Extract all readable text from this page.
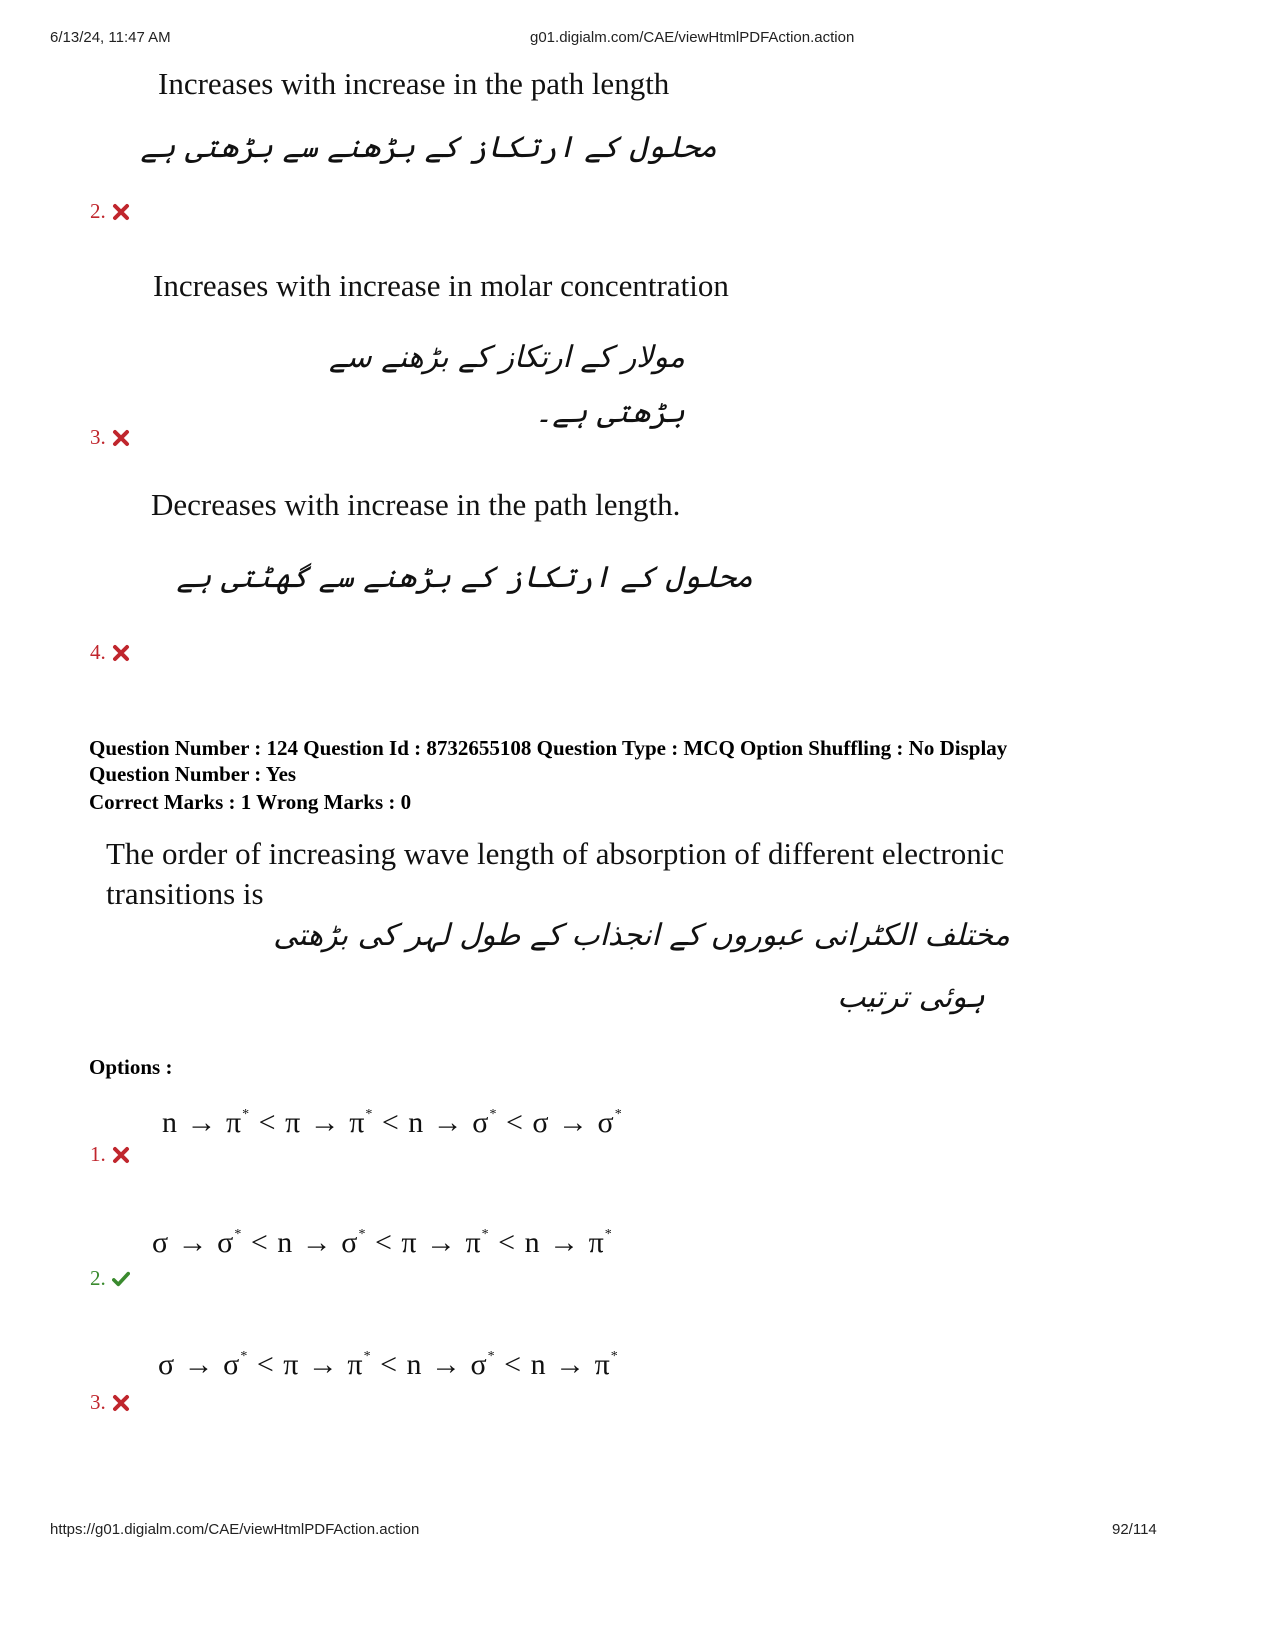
6/13/24, 11:47 AM	g01.digialm.com/CAE/viewHtmlPDFAction.action
Increases with increase in the path length
محلول کے ارتکاز کے بڑھنے سے بڑھتی ہے
2.
Increases with increase in molar concentration
مولار کے ارتکاز کے بڑھنے سے
بڑھتی ہے۔
3.
Decreases with increase in the path length.
محلول کے ارتکاز کے بڑھنے سے گھٹتی ہے
4.
Question Number : 124 Question Id : 8732655108 Question Type : MCQ Option Shuffling : No Display
Question Number : Yes
Correct Marks : 1 Wrong Marks : 0
The order of increasing wave length of absorption of different electronic
transitions is
مختلف الکٹرانی عبوروں کے انجذاب کے طول لہر کی بڑھتی
ہوئی ترتیب
Options :
n → π* < π → π* < n → σ* < σ → σ*
1.
σ → σ* < n → σ* < π → π* < n → π*
2.
σ → σ* < π → π* < n → σ* < n → π*
3.
https://g01.digialm.com/CAE/viewHtmlPDFAction.action	92/114
